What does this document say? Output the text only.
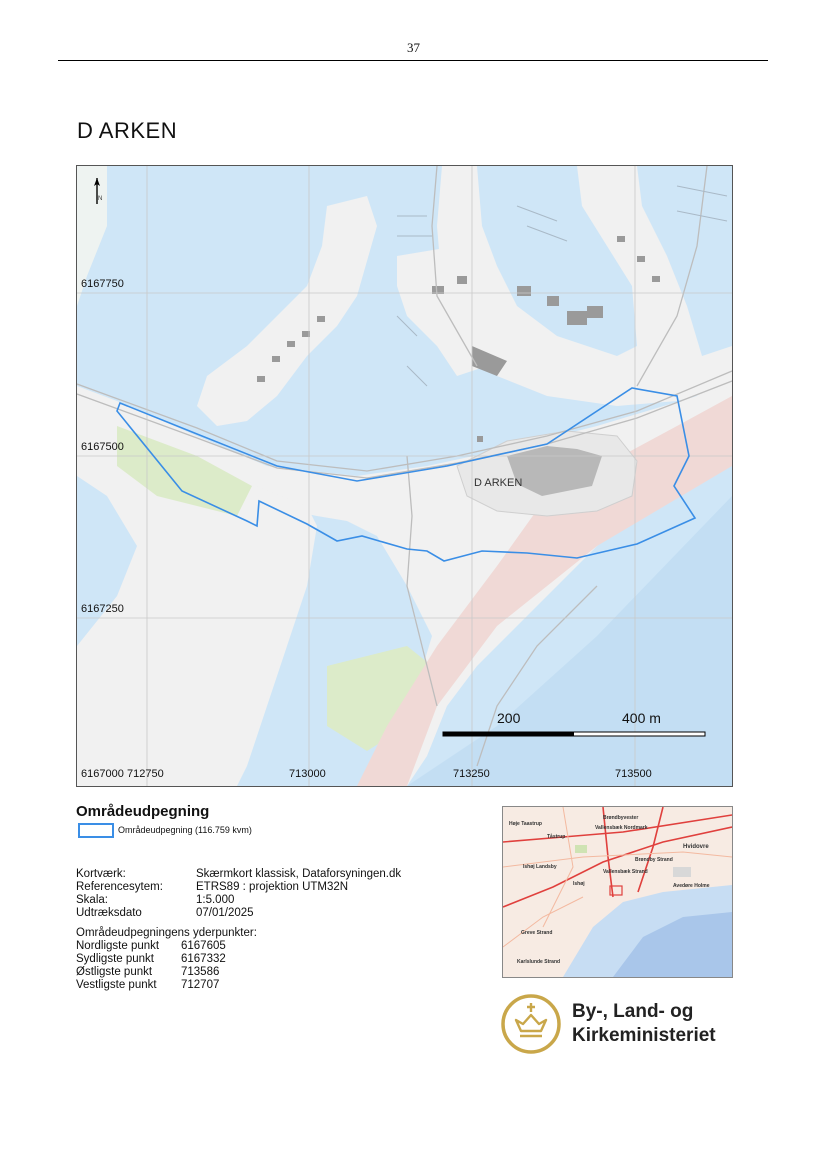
37
D ARKEN
N
6167750
6167500
6167250
6167000 712750	713000	713250	713500
D ARKEN
200	400 m
Områdeudpegning
Områdeudpegning (116.759 kvm)
Kortværk:	Skærmkort klassisk, Dataforsyningen.dk
Referencesytem:	ETRS89 : projektion UTM32N
Skala:	1:5.000
Udtræksdato	07/01/2025
Områdeudpegningens yderpunkter:
Nordligste punkt 6167605
Sydligste punkt 6167332
Østligste punkt	713586
Vestligste punkt 712707
Høje Taastrup
Tåstrup
Brøndbyvester
Vallensbæk Nordmark
Hvidovre
Ishøj Landsby
Brøndby Strand
Vallensbæk Strand
Ishøj	Avedøre Holme
Greve Strand
Karlslunde Strand
By-, Land- og
Kirkeministeriet
